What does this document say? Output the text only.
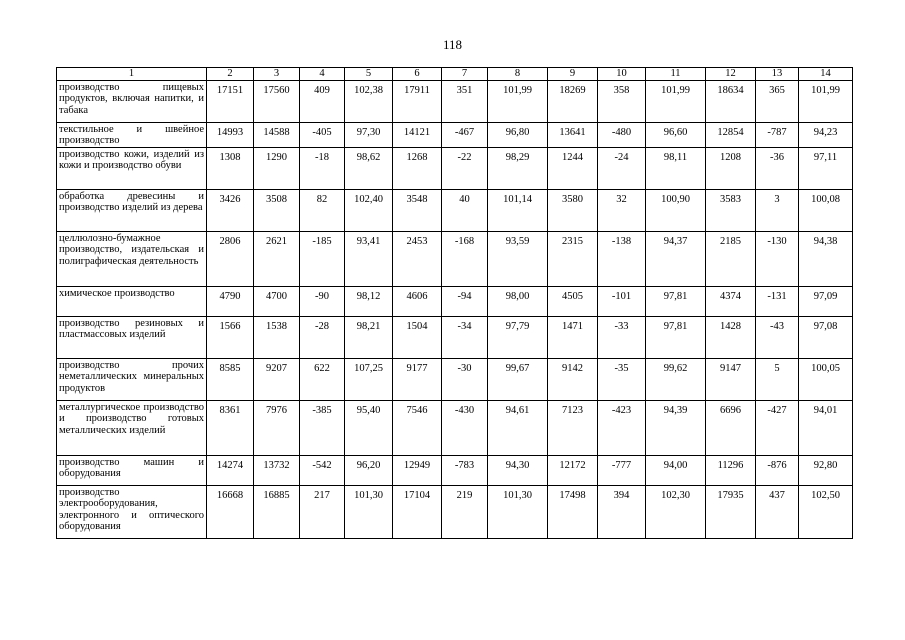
118
1	2	3	4	5	6	7	8	9	10	11	12	13	14
производство пищевых продуктов, включая напитки, и табака	17151	17560	409	102,38	17911	351	101,99	18269	358	101,99	18634	365	101,99
текстильное и швейное производство	14993	14588	-405	97,30	14121	-467	96,80	13641	-480	96,60	12854	-787	94,23
производство кожи, изделий из кожи и производство обуви	1308	1290	-18	98,62	1268	-22	98,29	1244	-24	98,11	1208	-36	97,11
обработка древесины и производство изделий из дерева	3426	3508	82	102,40	3548	40	101,14	3580	32	100,90	3583	3	100,08
целлюлозно-бумажное производство, издательская и полиграфическая деятельность	2806	2621	-185	93,41	2453	-168	93,59	2315	-138	94,37	2185	-130	94,38
химическое производство	4790	4700	-90	98,12	4606	-94	98,00	4505	-101	97,81	4374	-131	97,09
производство резиновых и пластмассовых изделий	1566	1538	-28	98,21	1504	-34	97,79	1471	-33	97,81	1428	-43	97,08
производство прочих неметаллических минеральных продуктов	8585	9207	622	107,25	9177	-30	99,67	9142	-35	99,62	9147	5	100,05
металлургическое производство и производство готовых металлических изделий	8361	7976	-385	95,40	7546	-430	94,61	7123	-423	94,39	6696	-427	94,01
производство машин и оборудования	14274	13732	-542	96,20	12949	-783	94,30	12172	-777	94,00	11296	-876	92,80
производство электрооборудования, электронного и оптического оборудования	16668	16885	217	101,30	17104	219	101,30	17498	394	102,30	17935	437	102,50
